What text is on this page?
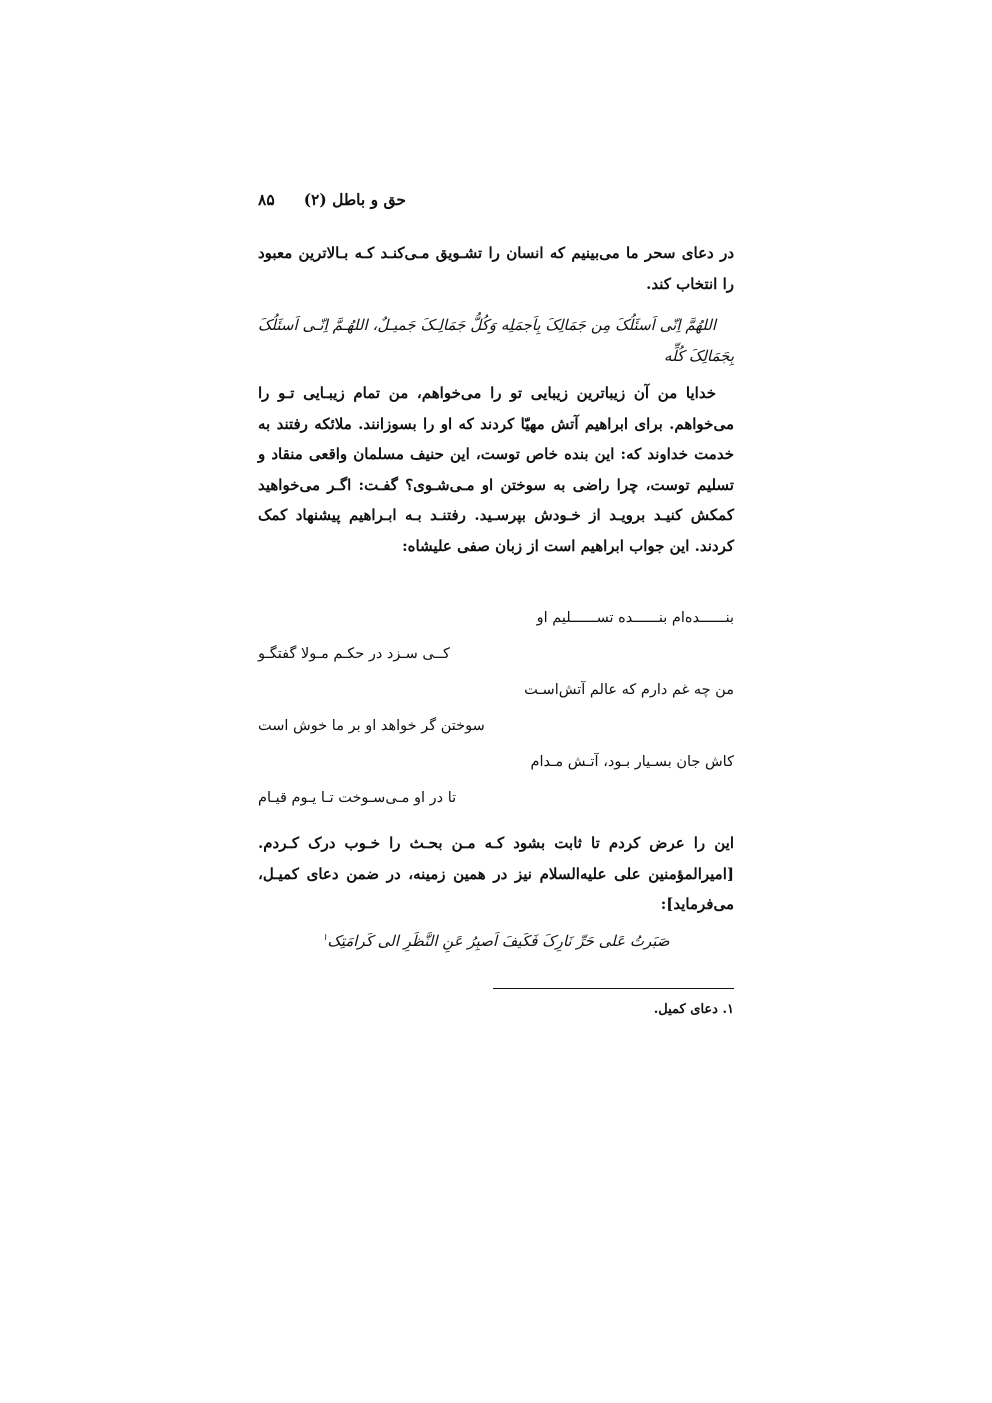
حق و باطل (۲)
۸۵

در دعای سحر ما می‌بینیم که انسان را تشـویق مـی‌کنـد کـه بـالاترین معبود را انتخاب کند.

اللهُمَّ اِنّی اَسئَلُکَ مِن جَمَالِکَ بِاَجمَلِه وَکُلُّ جَمَالِـکَ جَمیـلٌ، اللهُـمَّ اِنّـی اَسئَلُکَ بِجَمَالِکَ کُلِّه

خدایا من آن زیباترین زیبایی تو را می‌خواهم، من تمام زیبـایی تـو را می‌خواهم. برای ابراهیم آتش مهیّا کردند که او را بسوزانند. ملائکه رفتند به خدمت خداوند که: این بنده خاص توست، این حنیف مسلمان واقعی منقاد و تسلیم توست، چرا راضی به سوختن او مـی‌شـوی؟ گفـت: اگـر می‌خواهید کمکش کنیـد برویـد از خـودش بپرسـید. رفتنـد بـه ابـراهیم پیشنهاد کمک کردند. این جواب ابراهیم است از زبان صفی علیشاه:

بنــــــده‌ام بنــــــده تســــــلیم او
کــی سـزد در حکـم مـولا گفتگـو
من چه غم دارم که عالم آتش‌اسـت
سوختن گر خواهد او بر ما خوش است
کاش جان بسـیار بـود، آتـش مـدام
تا در او مـی‌سـوخت تـا یـوم قیـام

این را عرض کردم تا ثابت بشود کـه مـن بحـث را خـوب درک کـردم. [امیرالمؤمنین علی علیه‌السلام نیز در همین زمینه، در ضمن دعای کمیـل، می‌فرماید]:

صَبَرتُ عَلی حَرِّ نَارِکَ فَکَیفَ اَصبِرُ عَنِ النَّظَرِ الی کَرامَتِک$^۱$
۱. دعای کمیل.
